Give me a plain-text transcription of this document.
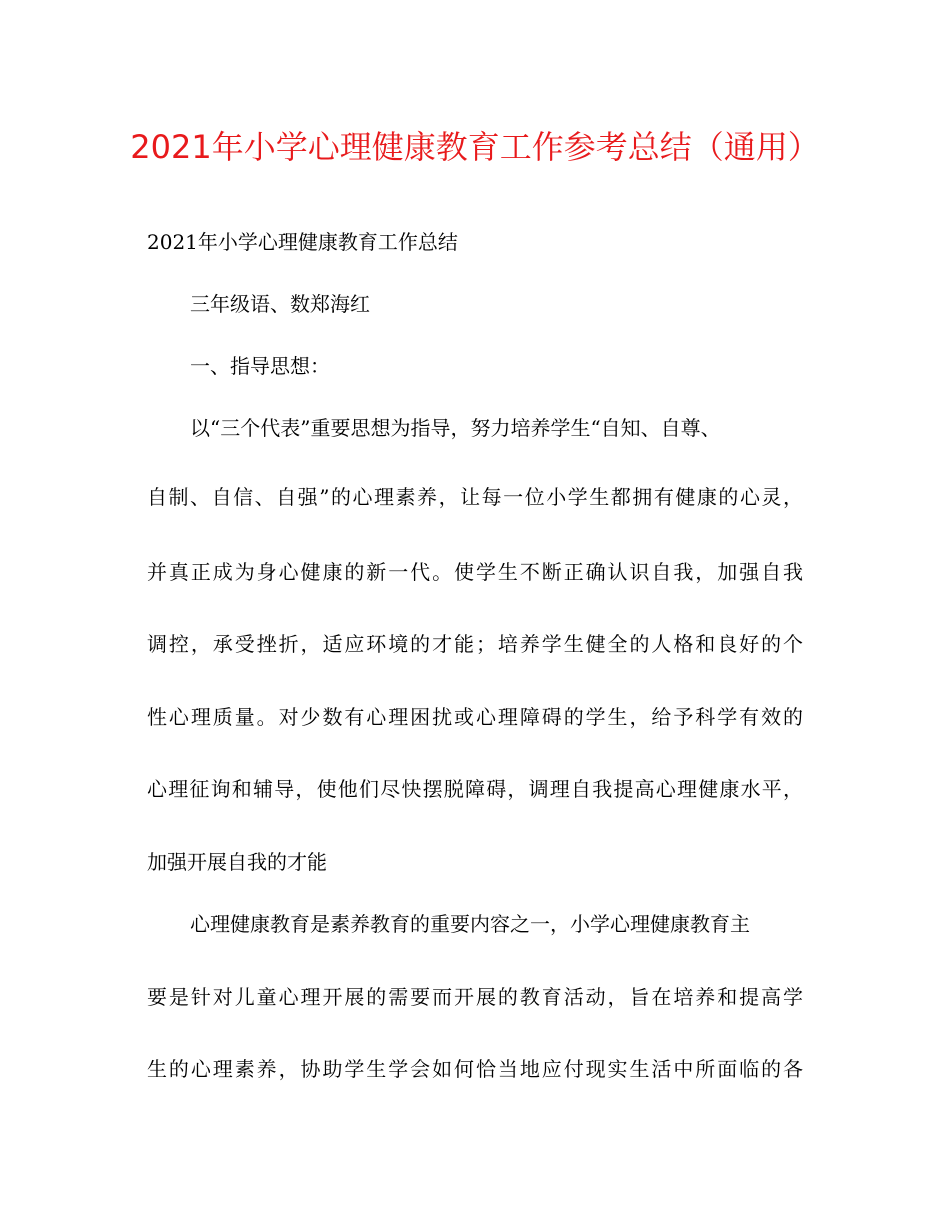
2021年小学心理健康教育工作参考总结（通用）

2021年小学心理健康教育工作总结

三年级语、数郑海红

一、指导思想：

以“三个代表”重要思想为指导，努力培养学生“自知、自尊、

自制、自信、自强”的心理素养，让每一位小学生都拥有健康的心灵，

并真正成为身心健康的新一代。使学生不断正确认识自我，加强自我

调控，承受挫折，适应环境的才能；培养学生健全的人格和良好的个

性心理质量。对少数有心理困扰或心理障碍的学生，给予科学有效的

心理征询和辅导，使他们尽快摆脱障碍，调理自我提高心理健康水平，

加强开展自我的才能

心理健康教育是素养教育的重要内容之一，小学心理健康教育主

要是针对儿童心理开展的需要而开展的教育活动，旨在培养和提高学

生的心理素养，协助学生学会如何恰当地应付现实生活中所面临的各
